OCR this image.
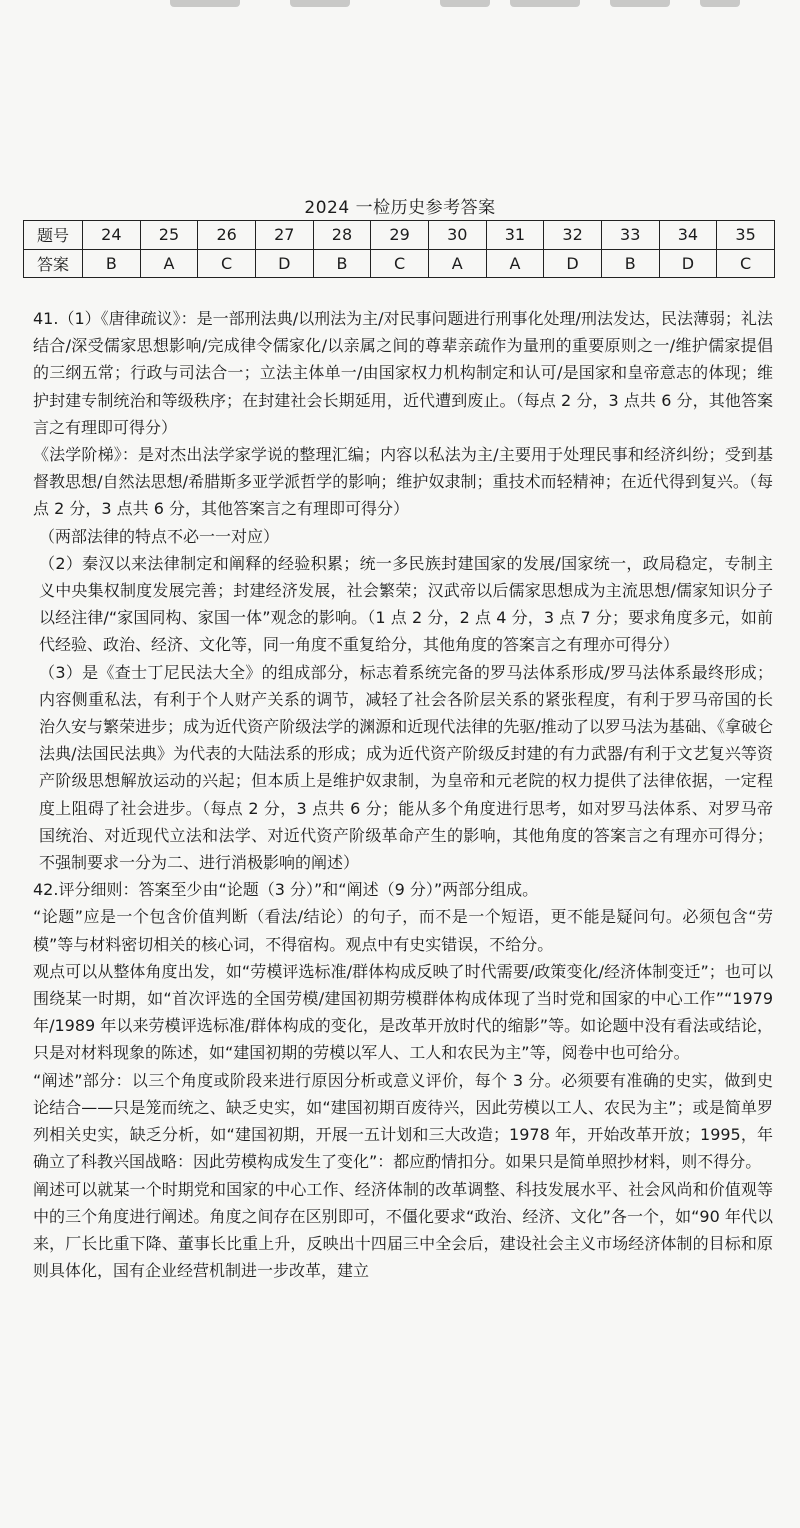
2024 一检历史参考答案
题号	24	25	26	27	28	29	30	31	32	33	34	35
答案	B	A	C	D	B	C	A	A	D	B	D	C

41.（1）《唐律疏议》：是一部刑法典/以刑法为主/对民事问题进行刑事化处理/刑法发达，民法薄弱；礼法结合/深受儒家思想影响/完成律令儒家化/以亲属之间的尊辈亲疏作为量刑的重要原则之一/维护儒家提倡的三纲五常；行政与司法合一；立法主体单一/由国家权力机构制定和认可/是国家和皇帝意志的体现；维护封建专制统治和等级秩序；在封建社会长期延用，近代遭到废止。（每点 2 分，3 点共 6 分，其他答案言之有理即可得分）

《法学阶梯》：是对杰出法学家学说的整理汇编；内容以私法为主/主要用于处理民事和经济纠纷；受到基督教思想/自然法思想/希腊斯多亚学派哲学的影响；维护奴隶制；重技术而轻精神；在近代得到复兴。（每点 2 分，3 点共 6 分，其他答案言之有理即可得分）

（两部法律的特点不必一一对应）

（2）秦汉以来法律制定和阐释的经验积累；统一多民族封建国家的发展/国家统一，政局稳定，专制主义中央集权制度发展完善；封建经济发展，社会繁荣；汉武帝以后儒家思想成为主流思想/儒家知识分子以经注律/“家国同构、家国一体”观念的影响。（1 点 2 分，2 点 4 分，3 点 7 分；要求角度多元，如前代经验、政治、经济、文化等，同一角度不重复给分，其他角度的答案言之有理亦可得分）

（3）是《查士丁尼民法大全》的组成部分，标志着系统完备的罗马法体系形成/罗马法体系最终形成；内容侧重私法，有利于个人财产关系的调节，减轻了社会各阶层关系的紧张程度，有利于罗马帝国的长治久安与繁荣进步；成为近代资产阶级法学的渊源和近现代法律的先驱/推动了以罗马法为基础、《拿破仑法典/法国民法典》为代表的大陆法系的形成；成为近代资产阶级反封建的有力武器/有利于文艺复兴等资产阶级思想解放运动的兴起；但本质上是维护奴隶制，为皇帝和元老院的权力提供了法律依据，一定程度上阻碍了社会进步。（每点 2 分，3 点共 6 分；能从多个角度进行思考，如对罗马法体系、对罗马帝国统治、对近现代立法和法学、对近代资产阶级革命产生的影响，其他角度的答案言之有理亦可得分；不强制要求一分为二、进行消极影响的阐述）

42.评分细则：答案至少由“论题（3 分）”和“阐述（9 分）”两部分组成。

“论题”应是一个包含价值判断（看法/结论）的句子，而不是一个短语，更不能是疑问句。必须包含“劳模”等与材料密切相关的核心词，不得宿构。观点中有史实错误，不给分。

观点可以从整体角度出发，如“劳模评选标准/群体构成反映了时代需要/政策变化/经济体制变迁”；也可以围绕某一时期，如“首次评选的全国劳模/建国初期劳模群体构成体现了当时党和国家的中心工作”“1979 年/1989 年以来劳模评选标准/群体构成的变化，是改革开放时代的缩影”等。如论题中没有看法或结论，只是对材料现象的陈述，如“建国初期的劳模以军人、工人和农民为主”等，阅卷中也可给分。

“阐述”部分：以三个角度或阶段来进行原因分析或意义评价，每个 3 分。必须要有准确的史实，做到史论结合——只是笼而统之、缺乏史实，如“建国初期百废待兴，因此劳模以工人、农民为主”；或是简单罗列相关史实，缺乏分析，如“建国初期，开展一五计划和三大改造；1978 年，开始改革开放；1995，年确立了科教兴国战略：因此劳模构成发生了变化”：都应酌情扣分。如果只是简单照抄材料，则不得分。

阐述可以就某一个时期党和国家的中心工作、经济体制的改革调整、科技发展水平、社会风尚和价值观等中的三个角度进行阐述。角度之间存在区别即可，不僵化要求“政治、经济、文化”各一个，如“90 年代以来，厂长比重下降、董事长比重上升，反映出十四届三中全会后，建设社会主义市场经济体制的目标和原则具体化，国有企业经营机制进一步改革，建立
